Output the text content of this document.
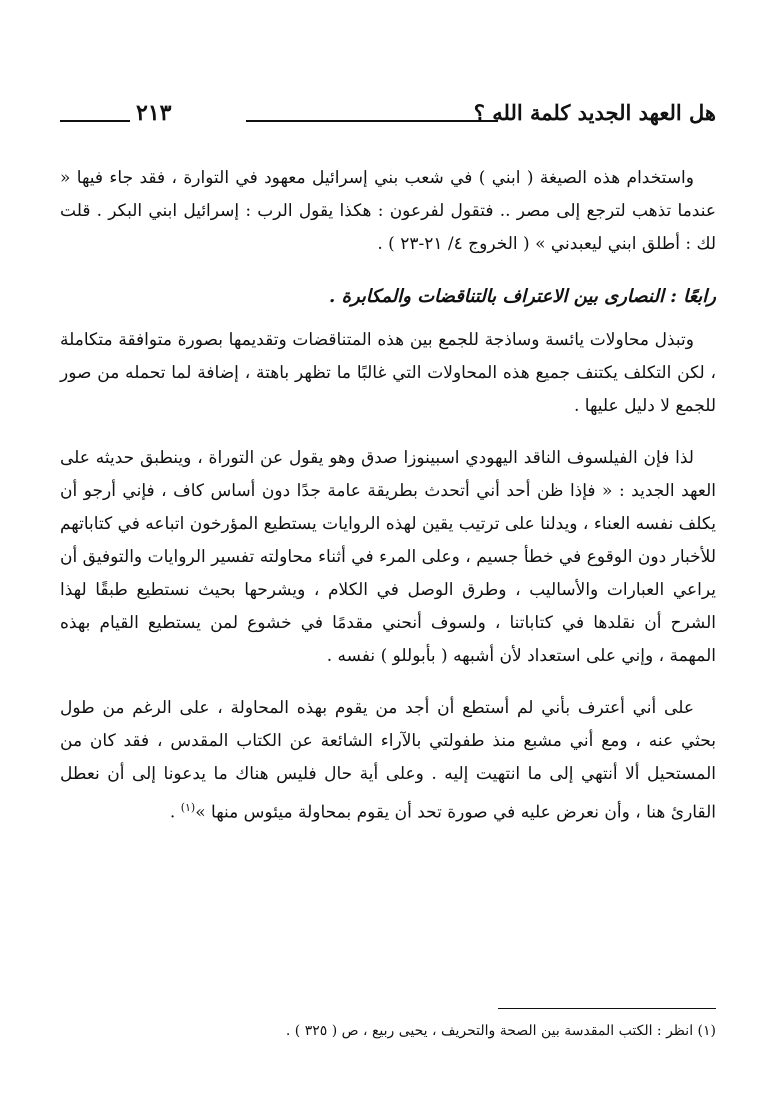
٢١٣	هل العهد الجديد كلمة الله ؟

واستخدام هذه الصيغة ( ابني ) في شعب بني إسرائيل معهود في التوارة ، فقد جاء فيها « عندما تذهب لترجع إلى مصر .. فتقول لفرعون : هكذا يقول الرب : إسرائيل ابني البكر . قلت لك : أطلق ابني ليعبدني » ( الخروج ٤/ ٢١-٢٣ ) .

رابعًا : النصارى بين الاعتراف بالتناقضات والمكابرة .

وتبذل محاولات يائسة وساذجة للجمع بين هذه المتناقضات وتقديمها بصورة متوافقة متكاملة ، لكن التكلف يكتنف جميع هذه المحاولات التي غالبًا ما تظهر باهتة ، إضافة لما تحمله من صور للجمع لا دليل عليها .

لذا فإن الفيلسوف الناقد اليهودي اسبينوزا صدق وهو يقول عن التوراة ، وينطبق حديثه على العهد الجديد : « فإذا ظن أحد أني أتحدث بطريقة عامة جدًا دون أساس كاف ، فإني أرجو أن يكلف نفسه العناء ، ويدلنا على ترتيب يقين لهذه الروايات يستطيع المؤرخون اتباعه في كتاباتهم للأخبار دون الوقوع في خطأ جسيم ، وعلى المرء في أثناء محاولته تفسير الروايات والتوفيق أن يراعي العبارات والأساليب ، وطرق الوصل في الكلام ، ويشرحها بحيث نستطيع طبقًا لهذا الشرح أن نقلدها في كتاباتنا ، ولسوف أنحني مقدمًا في خشوع لمن يستطيع القيام بهذه المهمة ، وإني على استعداد لأن أشبهه ( بأبوللو ) نفسه .

على أني أعترف بأني لم أستطع أن أجد من يقوم بهذه المحاولة ، على الرغم من طول بحثي عنه ، ومع أني مشبع منذ طفولتي بالآراء الشائعة عن الكتاب المقدس ، فقد كان من المستحيل ألا أنتهي إلى ما انتهيت إليه . وعلى أية حال فليس هناك ما يدعونا إلى أن نعطل القارئ هنا ، وأن نعرض عليه في صورة تحد أن يقوم بمحاولة ميئوس منها »$^{(١)}$ .

(١) انظر : الكتب المقدسة بين الصحة والتحريف ، يحيى ربيع ، ص ( ٣٢٥ ) .
